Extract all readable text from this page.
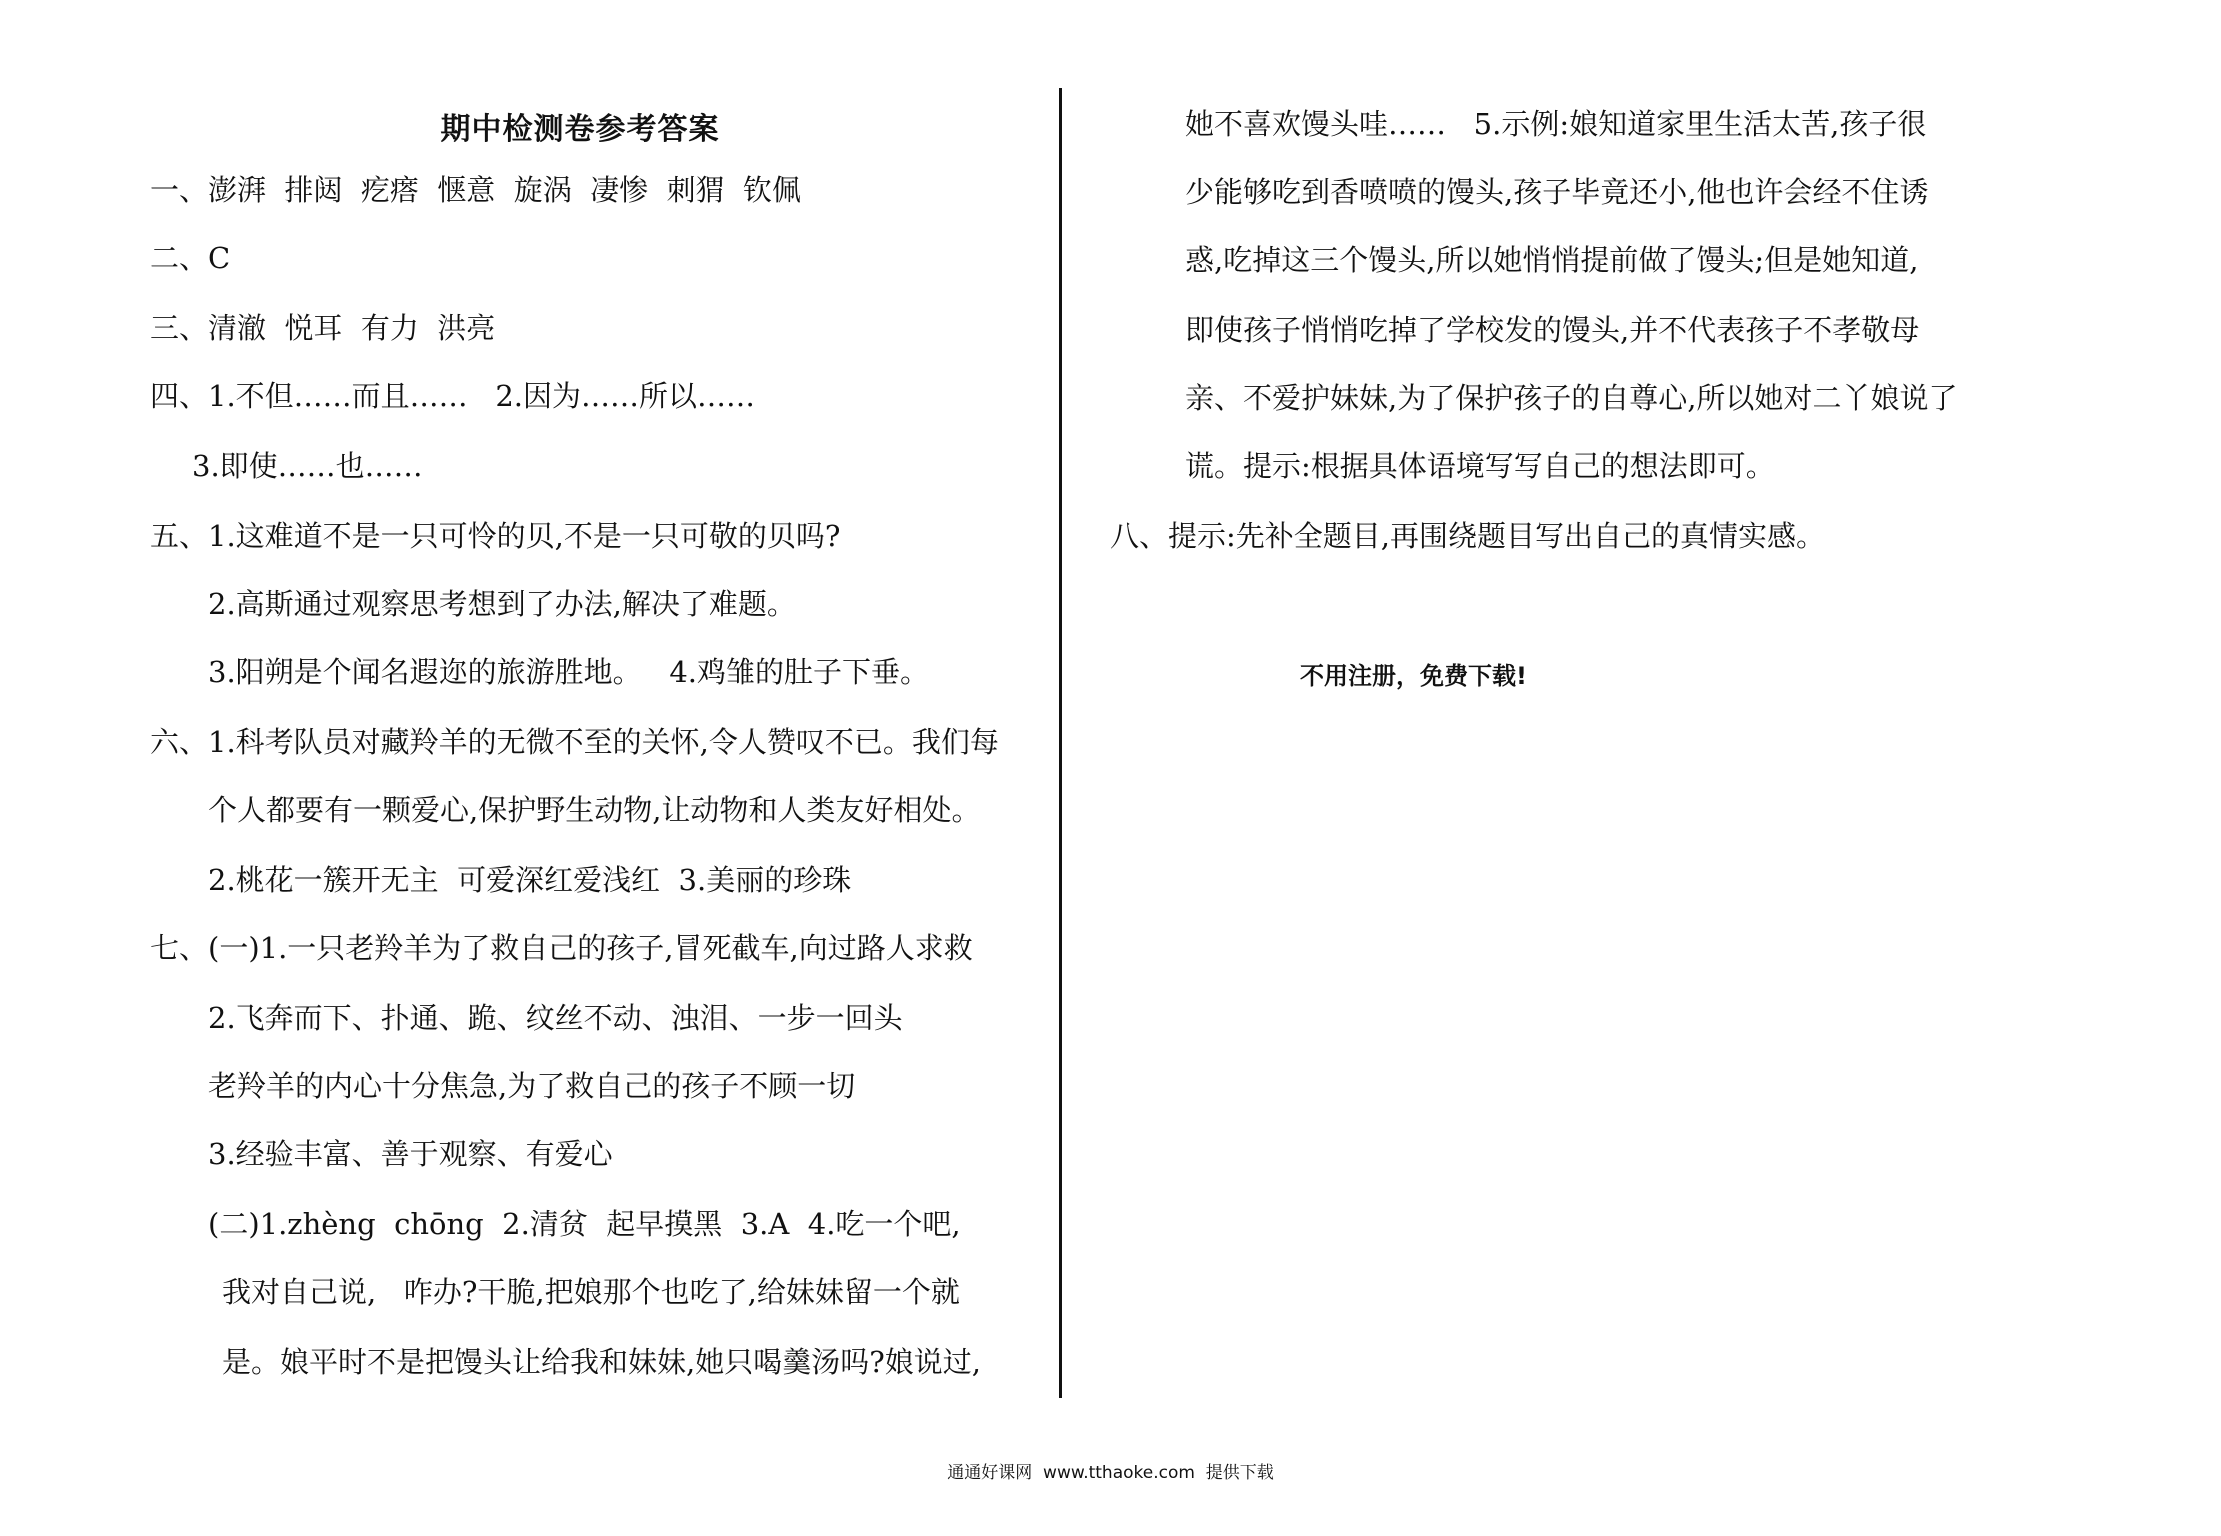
期中检测卷参考答案
一、澎湃  排闼  疙瘩  惬意  旋涡  凄惨  刺猬  钦佩
二、C
三、清澈  悦耳  有力  洪亮
四、1.不但……而且……   2.因为……所以……
3.即使……也……
五、1.这难道不是一只可怜的贝,不是一只可敬的贝吗?
2.高斯通过观察思考想到了办法,解决了难题。
3.阳朔是个闻名遐迩的旅游胜地。   4.鸡雏的肚子下垂。
六、1.科考队员对藏羚羊的无微不至的关怀,令人赞叹不已。我们每
个人都要有一颗爱心,保护野生动物,让动物和人类友好相处。
2.桃花一簇开无主  可爱深红爱浅红  3.美丽的珍珠
七、(一)1.一只老羚羊为了救自己的孩子,冒死截车,向过路人求救
2.飞奔而下、扑通、跪、纹丝不动、浊泪、一步一回头
老羚羊的内心十分焦急,为了救自己的孩子不顾一切
3.经验丰富、善于观察、有爱心
(二)1.zhèng  chōng  2.清贫  起早摸黑  3.A  4.吃一个吧,
我对自己说,   咋办?干脆,把娘那个也吃了,给妹妹留一个就
是。娘平时不是把馒头让给我和妹妹,她只喝羹汤吗?娘说过,
她不喜欢馒头哇……   5.示例:娘知道家里生活太苦,孩子很
少能够吃到香喷喷的馒头,孩子毕竟还小,他也许会经不住诱
惑,吃掉这三个馒头,所以她悄悄提前做了馒头;但是她知道,
即使孩子悄悄吃掉了学校发的馒头,并不代表孩子不孝敬母
亲、不爱护妹妹,为了保护孩子的自尊心,所以她对二丫娘说了
谎。提示:根据具体语境写写自己的想法即可。
八、提示:先补全题目,再围绕题目写出自己的真情实感。
不用注册，免费下载!
通通好课网  www.tthaoke.com  提供下载
